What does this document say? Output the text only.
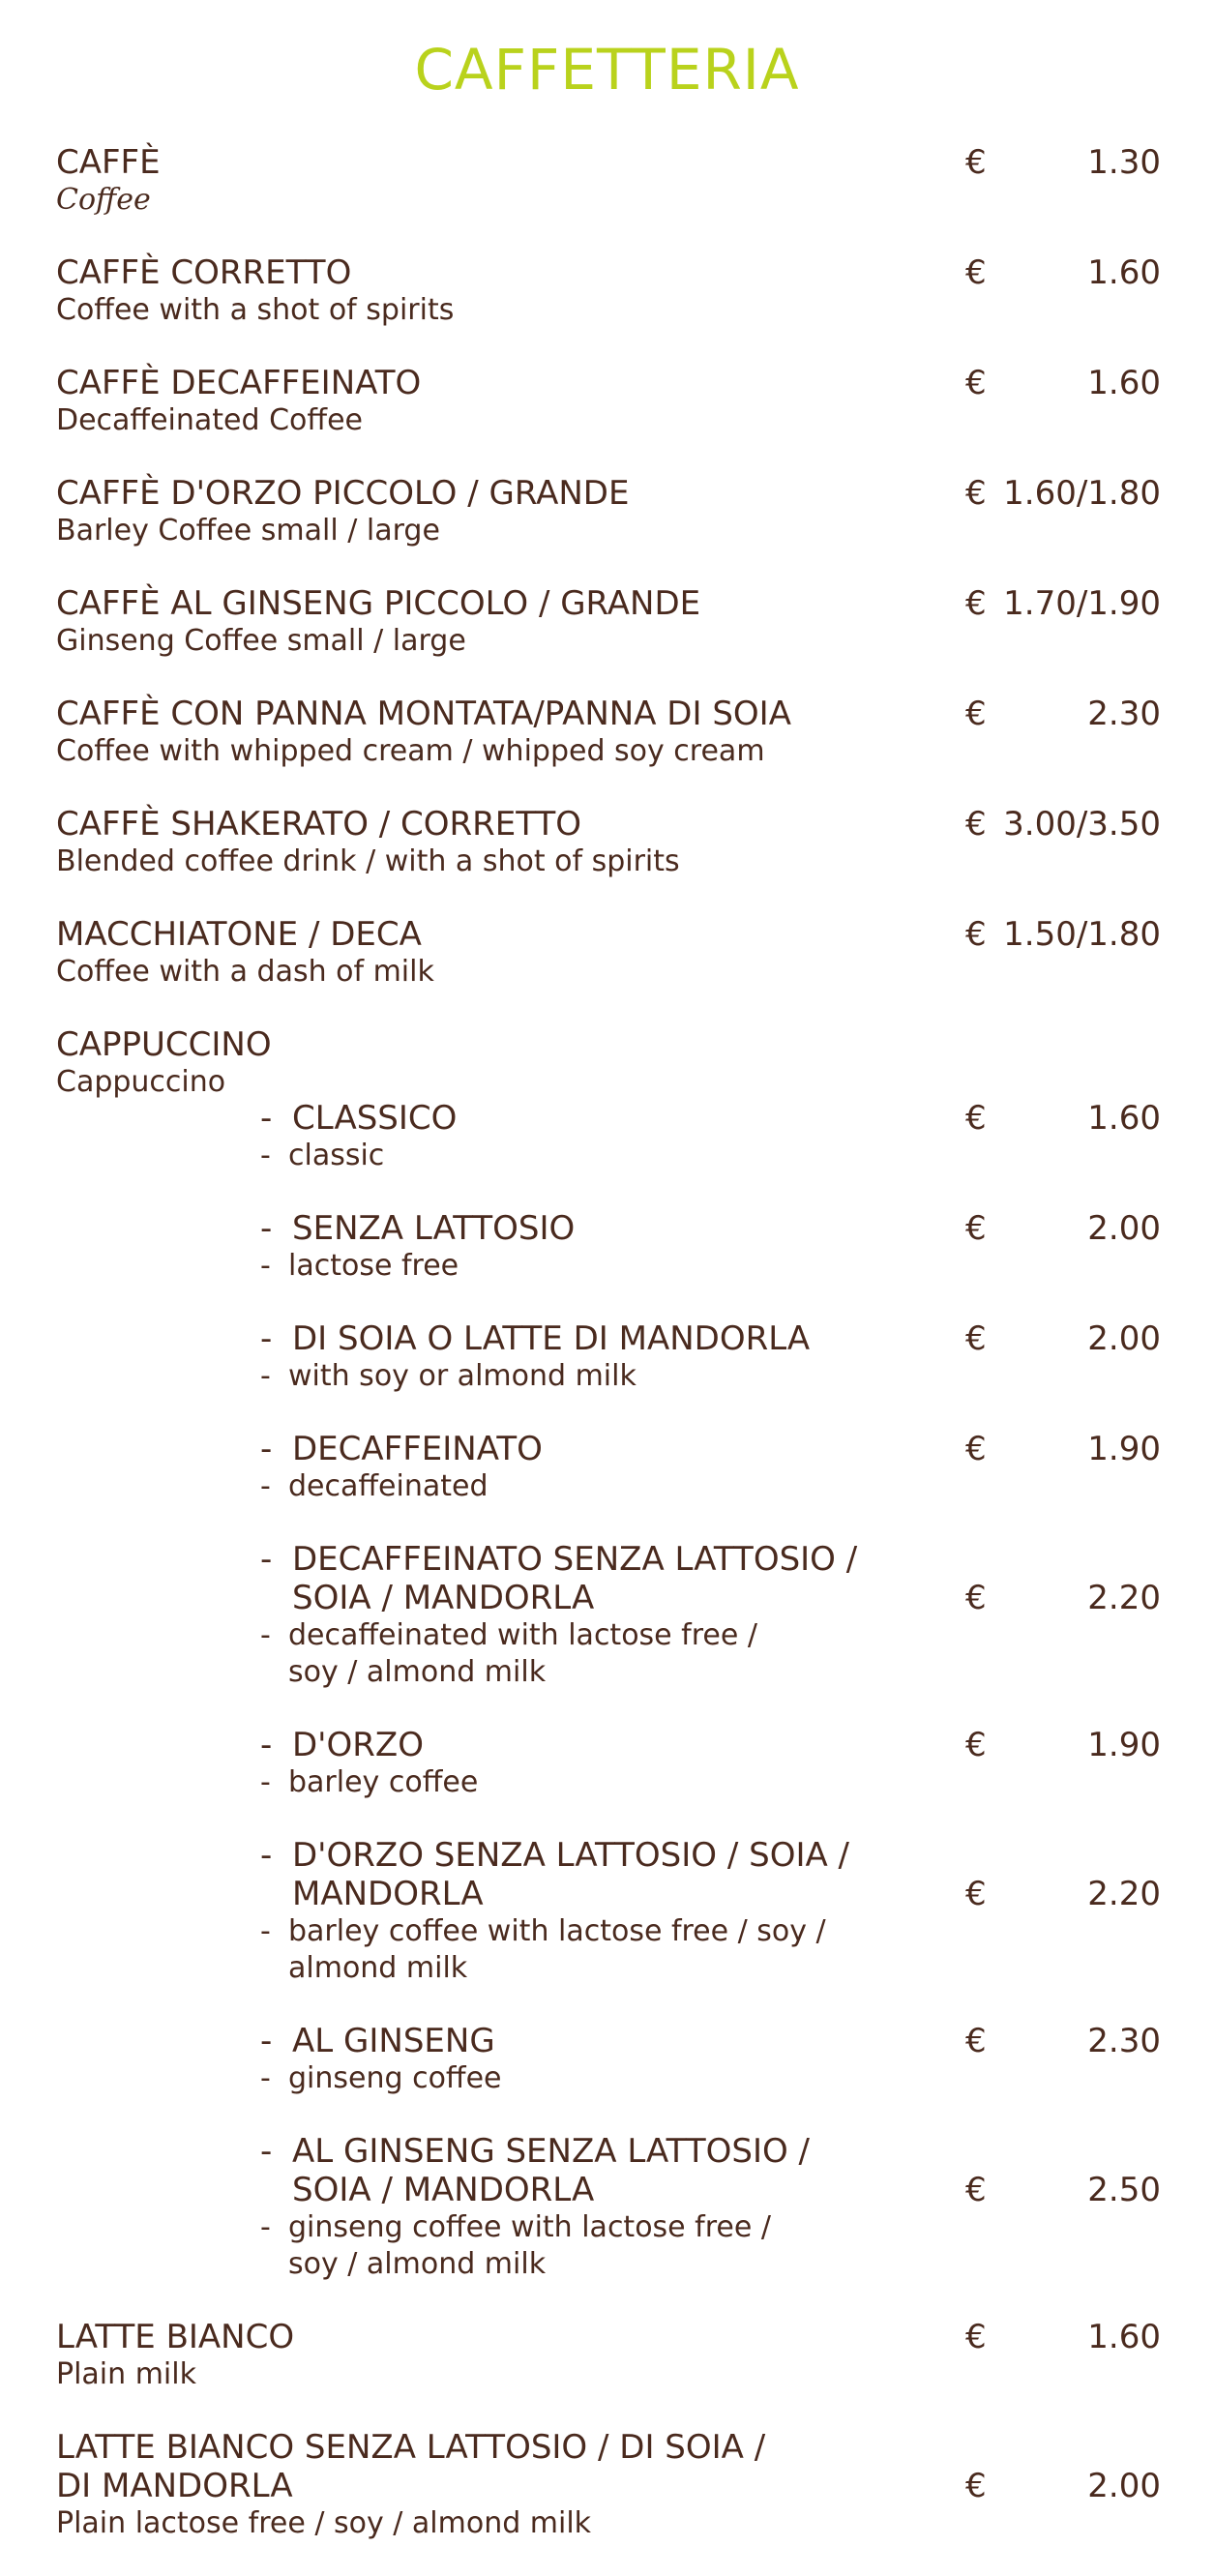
CAFFETTERIA
CAFFÈ
Coffee
€	1.30
CAFFÈ CORRETTO
Coffee with a shot of spirits
€	1.60
CAFFÈ DECAFFEINATO
Decaffeinated Coffee
€	1.60
CAFFÈ D'ORZO PICCOLO / GRANDE
Barley Coffee small / large
€ 1.60/1.80
CAFFÈ AL GINSENG PICCOLO / GRANDE
Ginseng Coffee small / large
€ 1.70/1.90
CAFFÈ CON PANNA MONTATA/PANNA DI SOIA
Coffee with whipped cream / whipped soy cream
€	2.30
CAFFÈ SHAKERATO / CORRETTO
Blended coffee drink / with a shot of spirits
€ 3.00/3.50
MACCHIATONE / DECA
Coffee with a dash of milk
€ 1.50/1.80
CAPPUCCINO
Cappuccino
- CLASSICO
- classic
€	1.60
- SENZA LATTOSIO
- lactose free
€	2.00
- DI SOIA O LATTE DI MANDORLA
- with soy or almond milk
€	2.00
- DECAFFEINATO
- decaffeinated
€	1.90
- DECAFFEINATO SENZA LATTOSIO /
SOIA / MANDORLA
- decaffeinated with lactose free /
soy / almond milk
€	2.20
- D'ORZO
- barley coffee
€	1.90
- D'ORZO SENZA LATTOSIO / SOIA /
MANDORLA
- barley coffee with lactose free / soy /
almond milk
€	2.20
- AL GINSENG
- ginseng coffee
€	2.30
- AL GINSENG SENZA LATTOSIO /
SOIA / MANDORLA
- ginseng coffee with lactose free /
soy / almond milk
€	2.50
LATTE BIANCO
Plain milk
€	1.60
LATTE BIANCO SENZA LATTOSIO / DI SOIA /
DI MANDORLA
Plain lactose free / soy / almond milk
€	2.00
